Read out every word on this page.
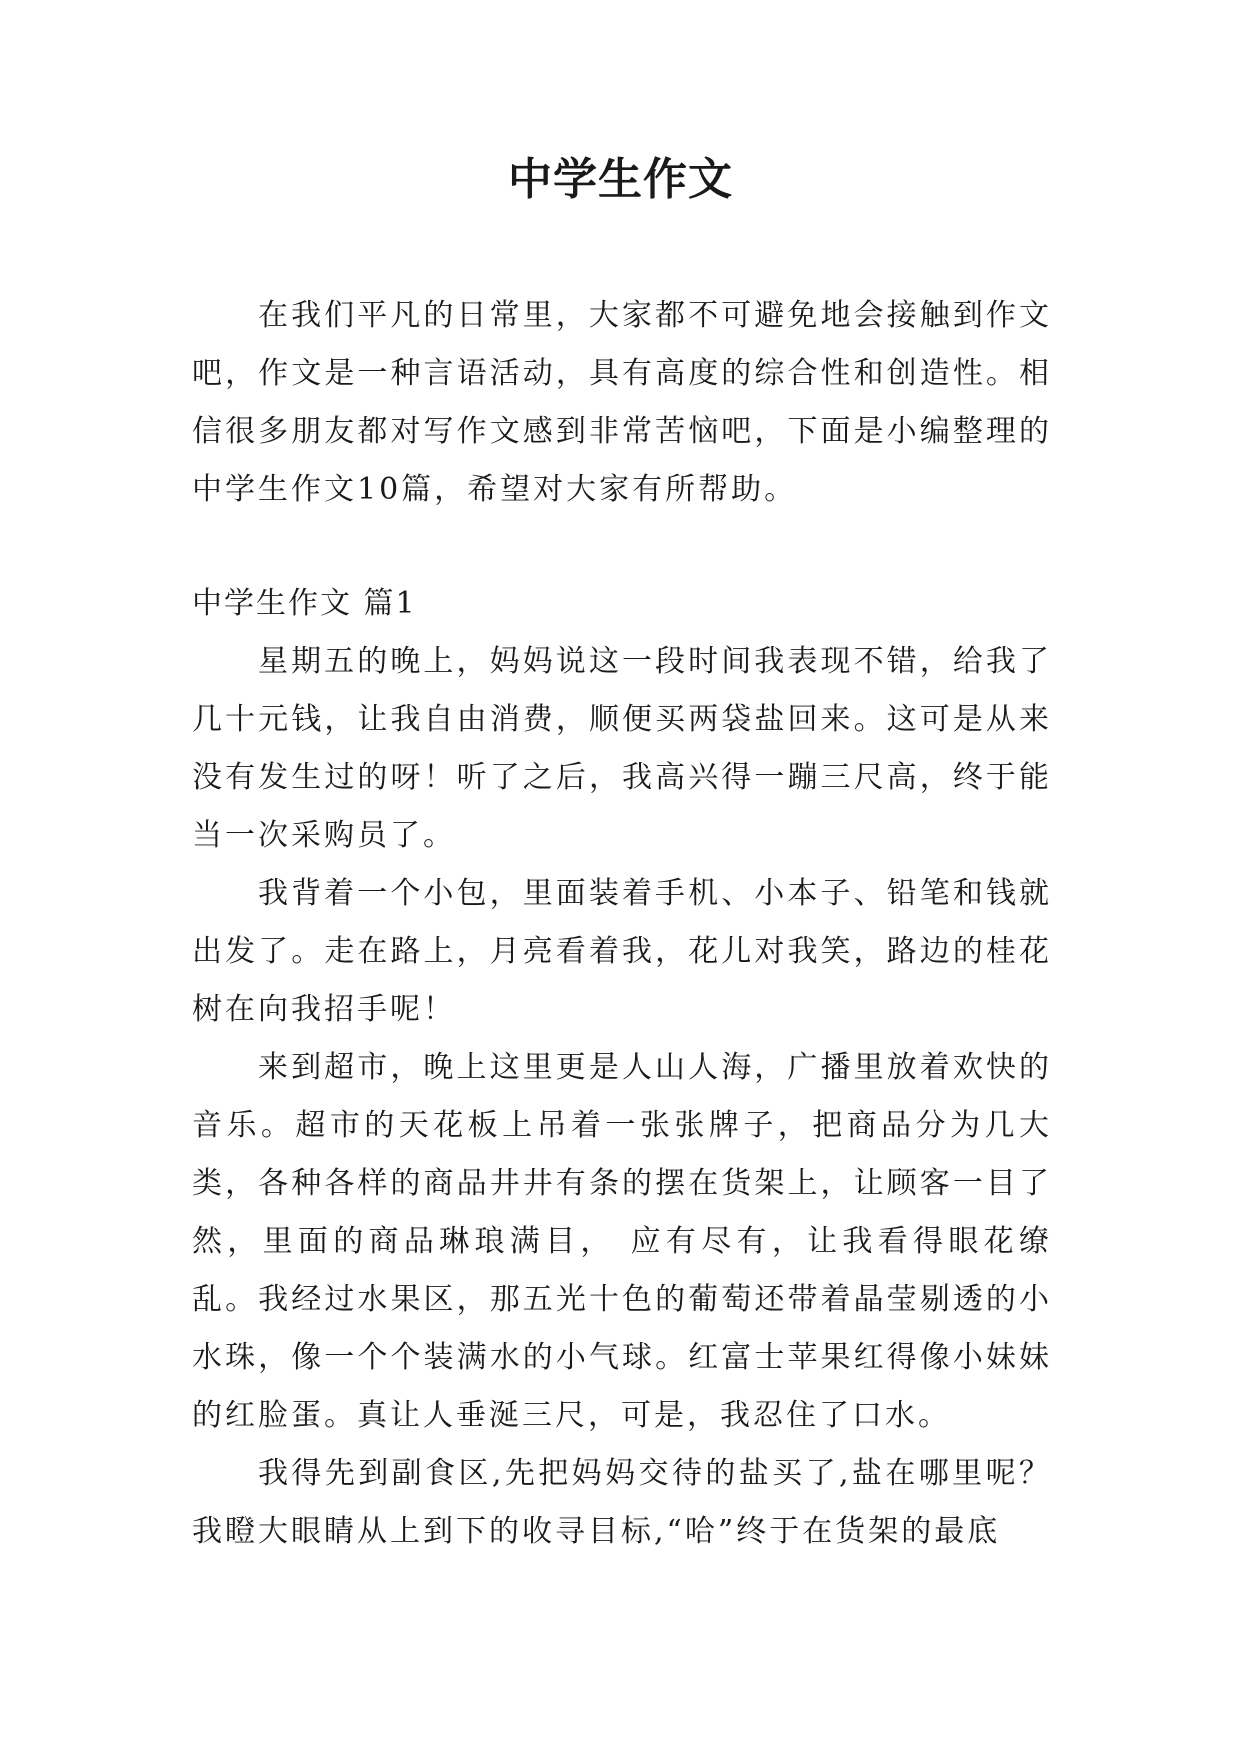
中学生作文

在我们平凡的日常里，大家都不可避免地会接触到作文吧，作文是一种言语活动，具有高度的综合性和创造性。相信很多朋友都对写作文感到非常苦恼吧，下面是小编整理的中学生作文10篇，希望对大家有所帮助。

中学生作文 篇1

星期五的晚上，妈妈说这一段时间我表现不错，给我了几十元钱，让我自由消费，顺便买两袋盐回来。这可是从来没有发生过的呀！听了之后，我高兴得一蹦三尺高，终于能当一次采购员了。

我背着一个小包，里面装着手机、小本子、铅笔和钱就出发了。走在路上，月亮看着我，花儿对我笑，路边的桂花树在向我招手呢！

来到超市，晚上这里更是人山人海，广播里放着欢快的音乐。超市的天花板上吊着一张张牌子，把商品分为几大类，各种各样的商品井井有条的摆在货架上，让顾客一目了然，里面的商品琳琅满目， 应有尽有，让我看得眼花缭乱。我经过水果区，那五光十色的葡萄还带着晶莹剔透的小水珠，像一个个装满水的小气球。红富士苹果红得像小妹妹的红脸蛋。真让人垂涎三尺，可是，我忍住了口水。

我得先到副食区,先把妈妈交待的盐买了,盐在哪里呢？我瞪大眼睛从上到下的收寻目标,“哈”终于在货架的最底
